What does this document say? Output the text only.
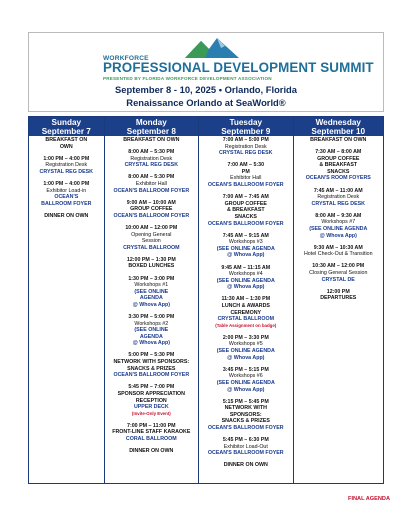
WORKFORCE
PROFESSIONAL DEVELOPMENT SUMMIT
PRESENTED BY FLORIDA WORKFORCE DEVELOPMENT ASSOCIATION
September 8 - 10, 2025 • Orlando, Florida
Renaissance Orlando at SeaWorld®
Sunday
September 7
BREAKFAST ON
OWN
1:00 PM – 4:00 PM
Registration Desk
CRYSTAL REG DESK
1:00 PM – 4:00 PM
Exhibitor Load-in
OCEAN'S
BALLROOM FOYER
DINNER ON OWN
Monday
September 8
BREAKFAST ON OWN
8:00 AM – 5:30 PM
Registration Desk
CRYSTAL REG DESK
8:00 AM – 5:30 PM
Exhibitor Hall
OCEAN'S BALLROOM FOYER
9:00 AM – 10:00 AM
GROUP COFFEE
OCEAN'S BALLROOM FOYER
10:00 AM – 12:00 PM
Opening General
Session
CRYSTAL BALLROOM
12:00 PM – 1:30 PM
BOXED LUNCHES
1:30 PM – 3:00 PM
Workshops #1
(SEE ONLINE
AGENDA
@ Whova App)
3:30 PM – 5:00 PM
Workshops #2
(SEE ONLINE
AGENDA
@ Whova App)
5:00 PM – 5:30 PM
NETWORK WITH SPONSORS:
SNACKS & PRIZES
OCEAN'S BALLROOM FOYER
5:45 PM – 7:00 PM
SPONSOR APPRECIATION
RECEPTION
UPPER DECK
(Invite-Only Event)
7:00 PM – 11:00 PM
FRONT-LINE STAFF KARAOKE
CORAL BALLROOM
DINNER ON OWN
Tuesday
September 9
7:00 AM – 5:00 PM
Registration Desk
CRYSTAL REG DESK
7:00 AM – 5:30
PM
Exhibitor Hall
OCEAN'S BALLROOM FOYER
7:00 AM – 7:45 AM
GROUP COFFEE
& BREAKFAST
SNACKS
OCEAN'S BALLROOM FOYER
7:45 AM – 9:15 AM
Workshops #3
(SEE ONLINE AGENDA
@ Whova App)
9:45 AM – 11:15 AM
Workshops #4
(SEE ONLINE AGENDA
@ Whova App)
11:30 AM – 1:30 PM
LUNCH & AWARDS
CEREMONY
CRYSTAL BALLROOM
(Table Assignment on badge)
2:00 PM – 3:30 PM
Workshops #5
(SEE ONLINE AGENDA
@ Whova App)
3:45 PM – 5:15 PM
Workshops #6
(SEE ONLINE AGENDA
@ Whova App)
5:15 PM – 5:45 PM
NETWORK WITH
SPONSORS:
SNACKS & PRIZES
OCEAN'S BALLROOM FOYER
5:45 PM – 6:30 PM
Exhibitor Load-Out
OCEAN'S BALLROOM FOYER
DINNER ON OWN
Wednesday
September 10
BREAKFAST ON OWN
7:30 AM – 8:00 AM
GROUP COFFEE
& BREAKFAST
SNACKS
OCEAN'S ROOM FOYERS
7:45 AM – 11:00 AM
Registration Desk
CRYSTAL REG DESK
8:00 AM – 9:30 AM
Workshops #7
(SEE ONLINE AGENDA
@ Whova App)
9:30 AM – 10:30 AM
Hotel Check-Out & Transition
10:30 AM – 12:00 PM
Closing General Session
CRYSTAL DE
12:00 PM
DEPARTURES
FINAL AGENDA
